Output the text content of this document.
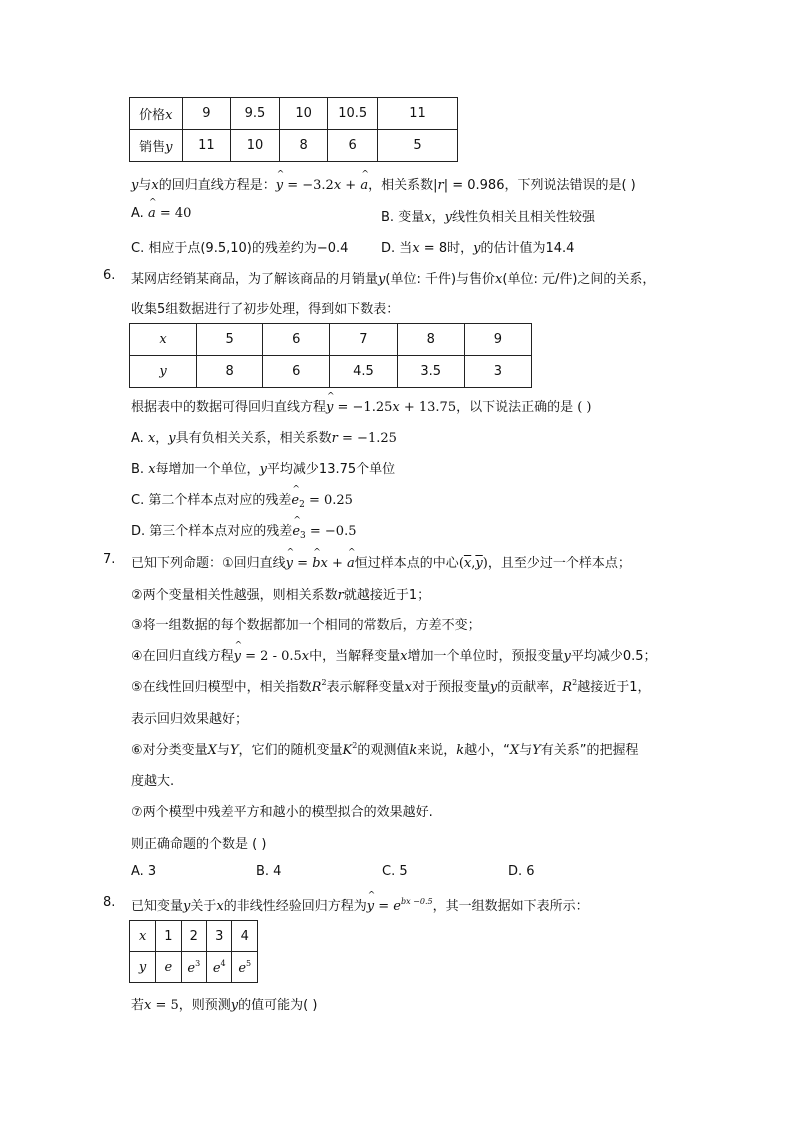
价格x	9	9.5	10	10.5	11
销售y	11	10	8	6	5
y与x的回归直线方程是：^ y = −3.2x + ^ a，相关系数|r| = 0.986，下列说法错误的是( )
A. ^ a = 40	B. 变量x，y线性负相关且相关性较强
C. 相应于点(9.5,10)的残差约为−0.4	D. 当x = 8时，y的估计值为14.4
6. 某网店经销某商品，为了解该商品的月销量y(单位: 千件)与售价x(单位: 元/件)之间的关系，
收集5组数据进行了初步处理，得到如下数表：
x	5	6	7	8	9
y	8	6	4.5	3.5	3
根据表中的数据可得回归直线方程^ y = −1.25x + 13.75，以下说法正确的是 ( )
A. x，y具有负相关关系，相关系数r = −1.25
B. x每增加一个单位，y平均减少13.75个单位
C. 第二个样本点对应的残差^ $e_2 = 0.25$
D. 第三个样本点对应的残差^ $e_3 = -0.5$
7. 已知下列命题：①回归直线^ y = ^ bx + ^ a恒过样本点的中心$(\overline{x},\overline{y})$，且至少过一个样本点；
②两个变量相关性越强，则相关系数r就越接近于1；
③将一组数据的每个数据都加一个相同的常数后，方差不变；
④在回归直线方程^ y = 2 - 0.5x中，当解释变量x增加一个单位时，预报变量y平均减少0.5；
⑤在线性回归模型中，相关指数$R^2$表示解释变量x对于预报变量y的贡献率，$R^2$越接近于1，
表示回归效果越好；
⑥对分类变量X与Y，它们的随机变量$K^2$的观测值k来说，k越小，“X与Y有关系”的把握程
度越大.
⑦两个模型中残差平方和越小的模型拟合的效果越好.
则正确命题的个数是 ( )
A. 3	B. 4	C. 5	D. 6
8. 已知变量y关于x的非线性经验回归方程为^ $y = e^{bx -0.5}$，其一组数据如下表所示：
x	1	2	3	4
y	e	$e^3$	$e^4$	$e^5$
若x = 5，则预测y的值可能为( )
